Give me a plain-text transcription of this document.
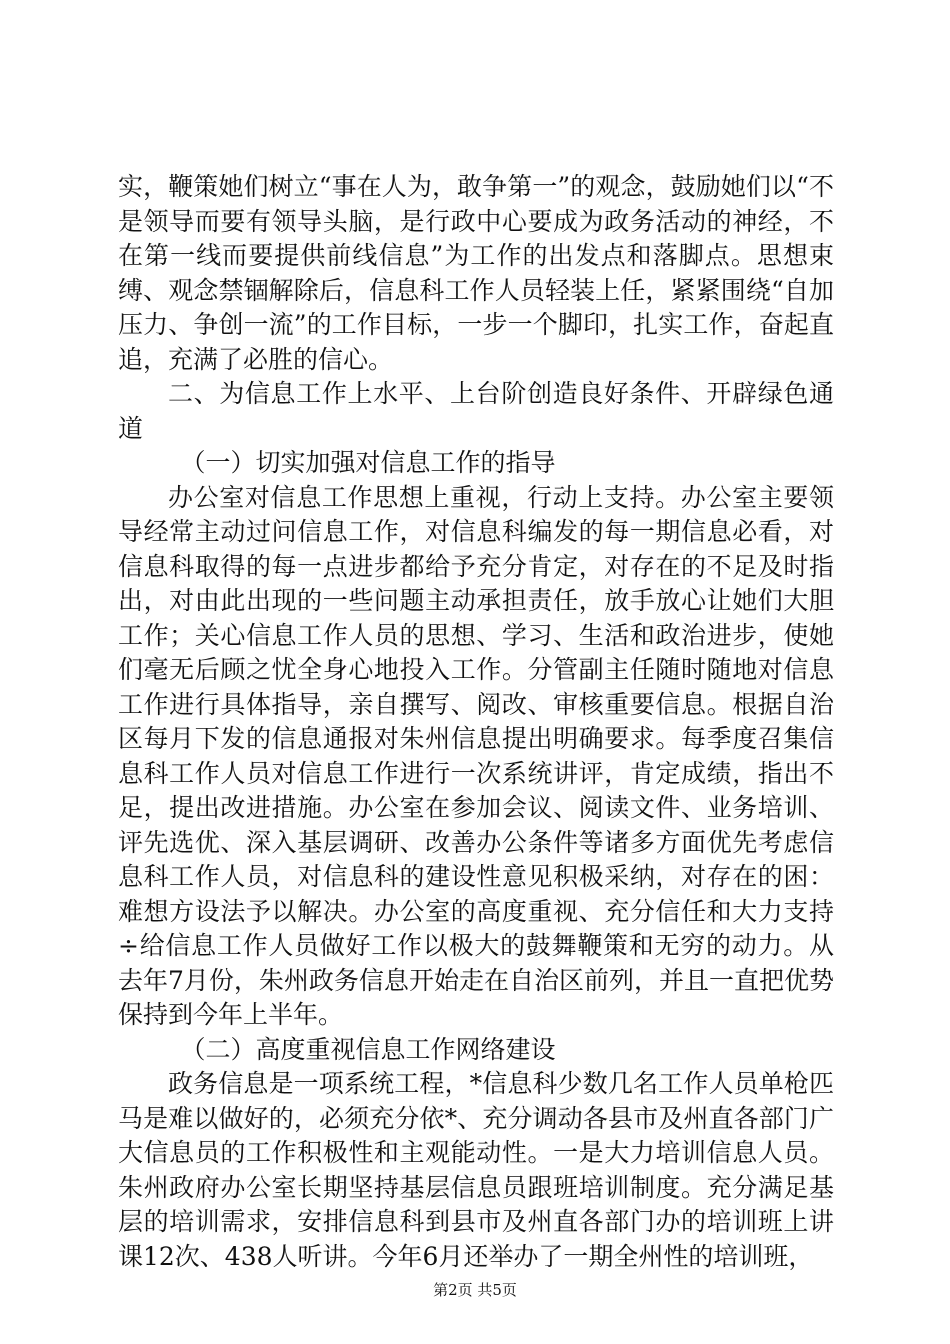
实，鞭策她们树立“事在人为，敢争第一”的观念，鼓励她们以“不是领导而要有领导头脑，是行政中心要成为政务活动的神经，不在第一线而要提供前线信息”为工作的出发点和落脚点。思想束缚、观念禁锢解除后，信息科工作人员轻装上任，紧紧围绕“自加压力、争创一流”的工作目标，一步一个脚印，扎实工作，奋起直追，充满了必胜的信心。

二、为信息工作上水平、上台阶创造良好条件、开辟绿色通道

（一）切实加强对信息工作的指导

办公室对信息工作思想上重视，行动上支持。办公室主要领导经常主动过问信息工作，对信息科编发的每一期信息必看，对信息科取得的每一点进步都给予充分肯定，对存在的不足及时指出，对由此出现的一些问题主动承担责任，放手放心让她们大胆工作；关心信息工作人员的思想、学习、生活和政治进步，使她们毫无后顾之忧全身心地投入工作。分管副主任随时随地对信息工作进行具体指导，亲自撰写、阅改、审核重要信息。根据自治区每月下发的信息通报对朱州信息提出明确要求。每季度召集信息科工作人员对信息工作进行一次系统讲评，肯定成绩，指出不足，提出改进措施。办公室在参加会议、阅读文件、业务培训、评先选优、深入基层调研、改善办公条件等诸多方面优先考虑信息科工作人员，对信息科的建设性意见积极采纳，对存在的困：难想方设法予以解决。办公室的高度重视、充分信任和大力支持÷给信息工作人员做好工作以极大的鼓舞鞭策和无穷的动力。从去年7月份，朱州政务信息开始走在自治区前列，并且一直把优势保持到今年上半年。

（二）高度重视信息工作网络建设

政务信息是一项系统工程，*信息科少数几名工作人员单枪匹马是难以做好的，必须充分依*、充分调动各县市及州直各部门广大信息员的工作积极性和主观能动性。一是大力培训信息人员。朱州政府办公室长期坚持基层信息员跟班培训制度。充分满足基层的培训需求，安排信息科到县市及州直各部门办的培训班上讲课12次、438人听讲。今年6月还举办了一期全州性的培训班，

第2页 共5页
